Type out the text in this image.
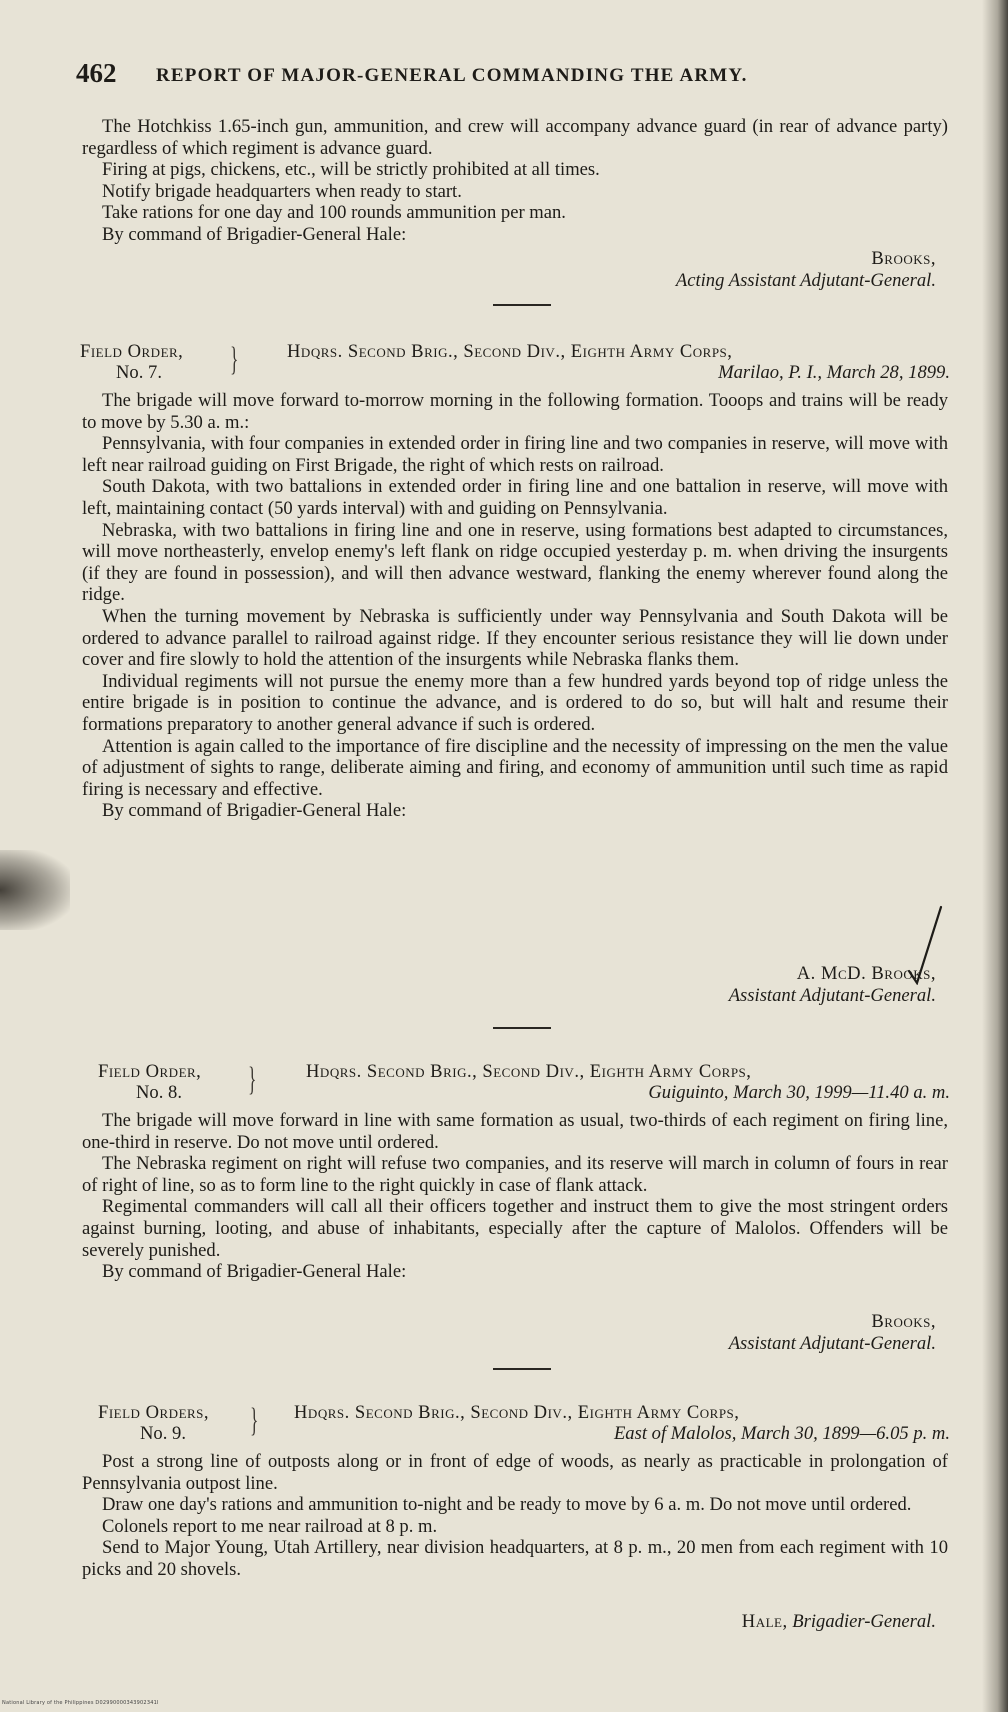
462 REPORT OF MAJOR-GENERAL COMMANDING THE ARMY.

The Hotchkiss 1.65-inch gun, ammunition, and crew will accompany advance guard (in rear of advance party) regardless of which regiment is advance guard.

Firing at pigs, chickens, etc., will be strictly prohibited at all times.

Notify brigade headquarters when ready to start.

Take rations for one day and 100 rounds ammunition per man.

By command of Brigadier-General Hale:

Brooks,
Acting Assistant Adjutant-General.
Field Order,
No. 7. }	Hdqrs. Second Brig., Second Div., Eighth Army Corps,
Marilao, P. I., March 28, 1899.

The brigade will move forward to-morrow morning in the following formation. Tooops and trains will be ready to move by 5.30 a. m.:

Pennsylvania, with four companies in extended order in firing line and two companies in reserve, will move with left near railroad guiding on First Brigade, the right of which rests on railroad.

South Dakota, with two battalions in extended order in firing line and one battalion in reserve, will move with left, maintaining contact (50 yards interval) with and guiding on Pennsylvania.

Nebraska, with two battalions in firing line and one in reserve, using formations best adapted to circumstances, will move northeasterly, envelop enemy's left flank on ridge occupied yesterday p. m. when driving the insurgents (if they are found in possession), and will then advance westward, flanking the enemy wherever found along the ridge.

When the turning movement by Nebraska is sufficiently under way Pennsylvania and South Dakota will be ordered to advance parallel to railroad against ridge. If they encounter serious resistance they will lie down under cover and fire slowly to hold the attention of the insurgents while Nebraska flanks them.

Individual regiments will not pursue the enemy more than a few hundred yards beyond top of ridge unless the entire brigade is in position to continue the advance, and is ordered to do so, but will halt and resume their formations preparatory to another general advance if such is ordered.

Attention is again called to the importance of fire discipline and the necessity of impressing on the men the value of adjustment of sights to range, deliberate aiming and firing, and economy of ammunition until such time as rapid firing is necessary and effective.

By command of Brigadier-General Hale:

A. McD. Brooks,
Assistant Adjutant-General.
Field Order,
No. 8. }	Hdqrs. Second Brig., Second Div., Eighth Army Corps,
Guiguinto, March 30, 1999—11.40 a. m.

The brigade will move forward in line with same formation as usual, two-thirds of each regiment on firing line, one-third in reserve. Do not move until ordered.

The Nebraska regiment on right will refuse two companies, and its reserve will march in column of fours in rear of right of line, so as to form line to the right quickly in case of flank attack.

Regimental commanders will call all their officers together and instruct them to give the most stringent orders against burning, looting, and abuse of inhabitants, especially after the capture of Malolos. Offenders will be severely punished.

By command of Brigadier-General Hale:

Brooks,
Assistant Adjutant-General.
Field Orders,
No. 9. } Hdqrs. Second Brig., Second Div., Eighth Army Corps,
East of Malolos, March 30, 1899—6.05 p. m.

Post a strong line of outposts along or in front of edge of woods, as nearly as practicable in prolongation of Pennsylvania outpost line.

Draw one day's rations and ammunition to-night and be ready to move by 6 a. m. Do not move until ordered.

Colonels report to me near railroad at 8 p. m.

Send to Major Young, Utah Artillery, near division headquarters, at 8 p. m., 20 men from each regiment with 10 picks and 20 shovels.

Hale, Brigadier-General.
National Library of the Philippines D02990000343902341I
